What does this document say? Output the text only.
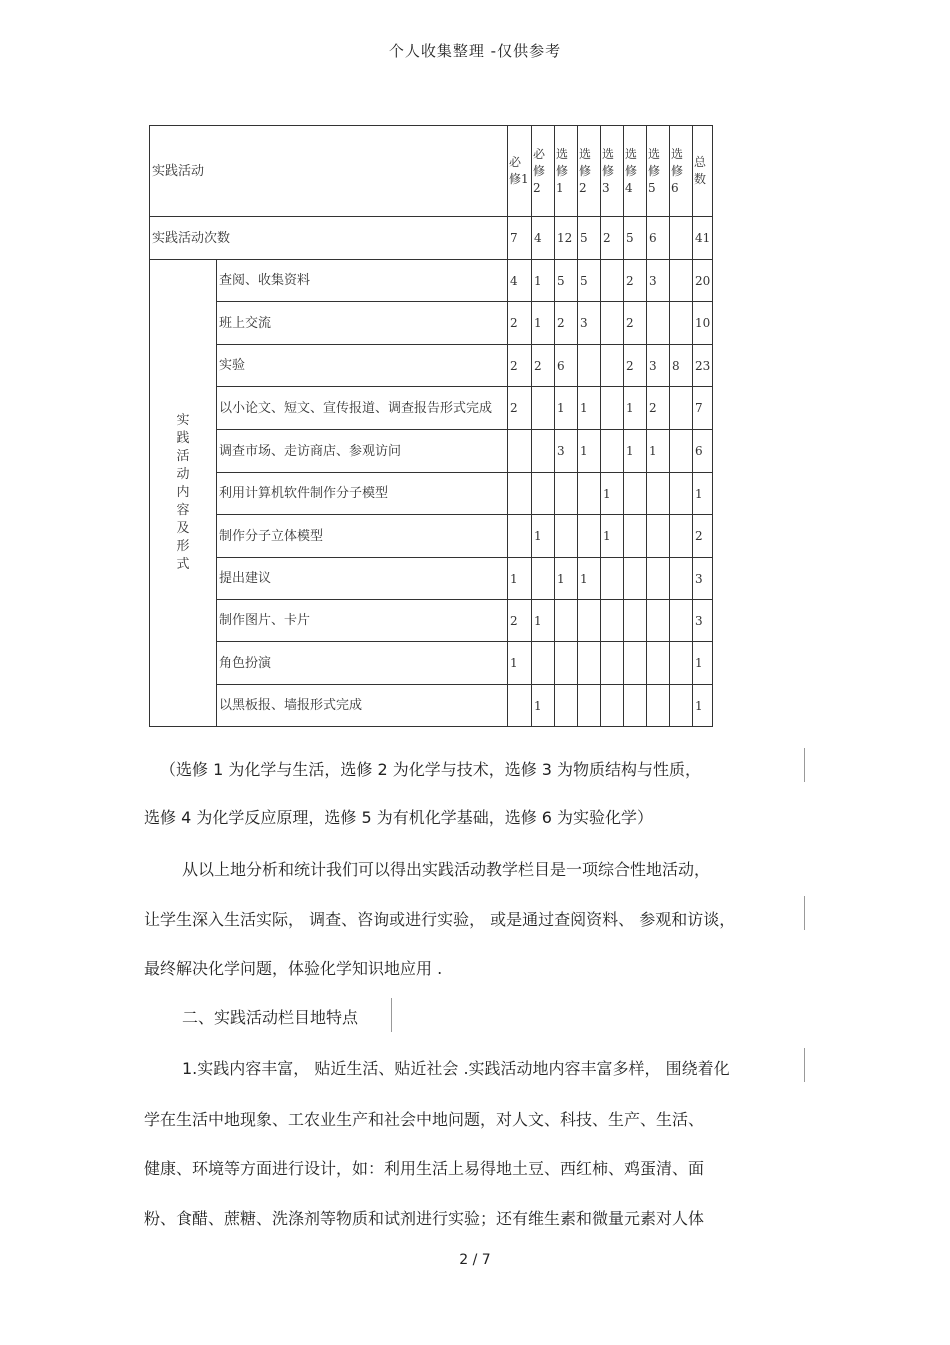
个人收集整理 -仅供参考
实践活动		必修1	必修2	选修1	选修2	选修3	选修4	选修5	选修6	总数
实践活动次数		7	4	12	5	2	5	6		41

实践活动内容及形式	查阅、收集资料	4	1	5	5		2	3		20
	班上交流	2	1	2	3		2			10
	实验	2	2	6			2	3	8	23
	以小论文、短文、宣传报道、调查报告形式完成	2		1	1		1	2		7
	调查市场、走访商店、参观访问			3	1		1	1		6
	利用计算机软件制作分子模型					1				1
	制作分子立体模型		1			1				2
	提出建议	1		1	1					3
	制作图片、卡片	2	1							3
	角色扮演	1								1
	以黑板报、墙报形式完成		1							1
（选修 1 为化学与生活，选修 2 为化学与技术，选修 3 为物质结构与性质，
选修 4 为化学反应原理，选修 5 为有机化学基础，选修 6 为实验化学）
从以上地分析和统计我们可以得出实践活动教学栏目是一项综合性地活动，
让学生深入生活实际， 调查、咨询或进行实验， 或是通过查阅资料、 参观和访谈，
最终解决化学问题，体验化学知识地应用 .
二、实践活动栏目地特点
1.实践内容丰富， 贴近生活、贴近社会 .实践活动地内容丰富多样， 围绕着化
学在生活中地现象、工农业生产和社会中地问题，对人文、科技、生产、生活、
健康、环境等方面进行设计，如：利用生活上易得地土豆、西红柿、鸡蛋清、面
粉、食醋、蔗糖、洗涤剂等物质和试剂进行实验；还有维生素和微量元素对人体
2 / 7
